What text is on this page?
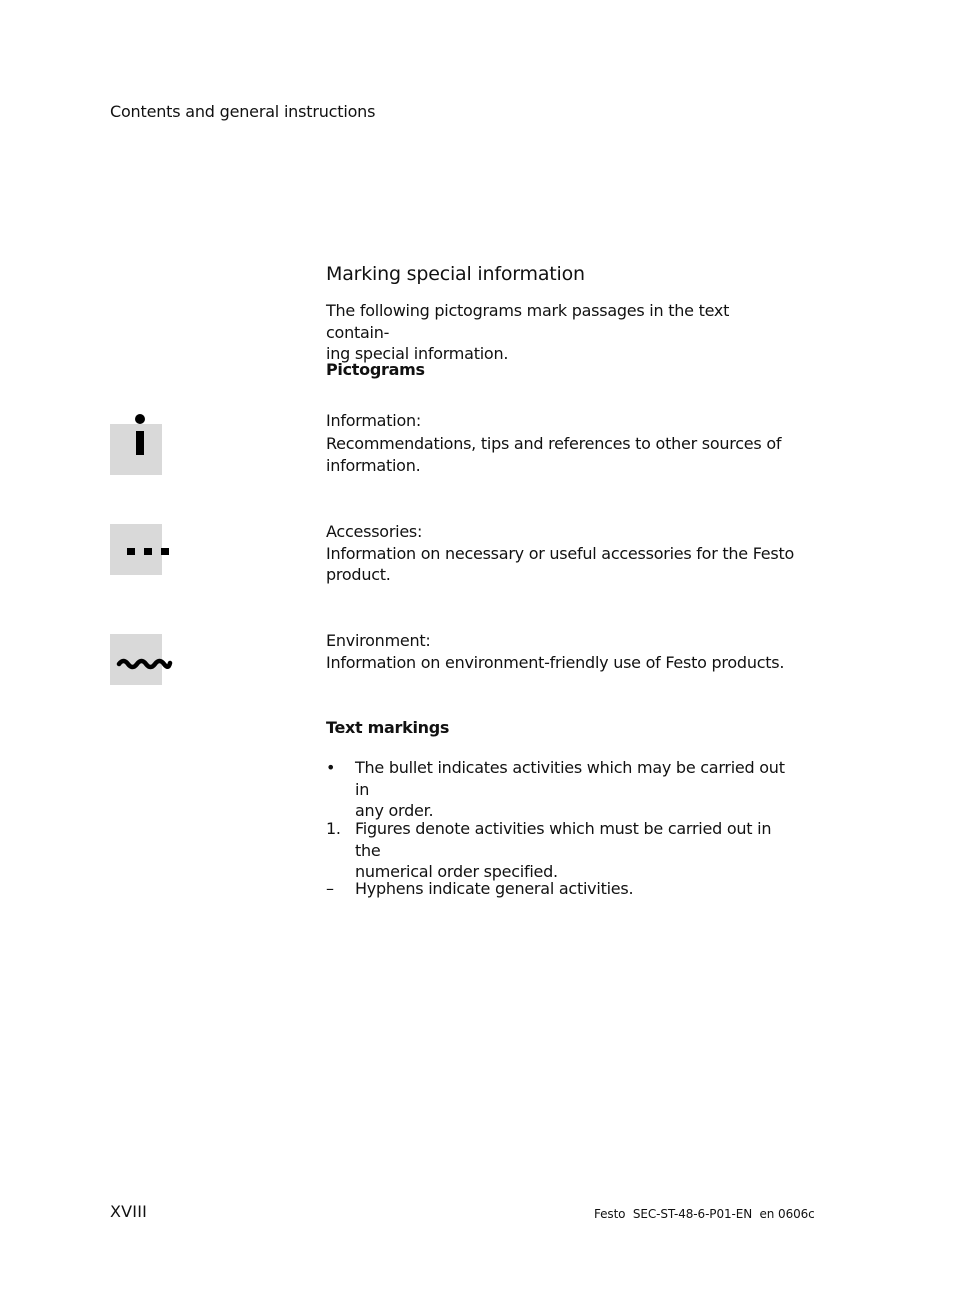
Contents and general instructions
Marking special information
The following pictograms mark passages in the text contain-
ing special information.
Pictograms
Information:
Recommendations, tips and references to other sources of
information.
Accessories:
Information on necessary or useful accessories for the Festo
product.
Environment:
Information on environment-friendly use of Festo products.
Text markings
•	The bullet indicates activities which may be carried out in
any order.
1. Figures denote activities which must be carried out in the
numerical order specified.
–	Hyphens indicate general activities.
XVIII	Festo  SEC-ST-48-6-P01-EN  en 0606c
